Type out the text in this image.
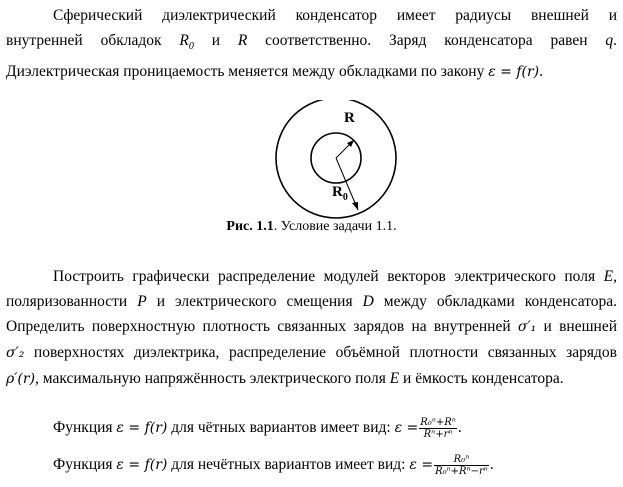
Сферический диэлектрический конденсатор имеет радиусы внешней и
внутренней обкладок $R_0$ и R соответственно. Заряд конденсатора равен q.
Диэлектрическая проницаемость меняется между обкладками по закону ε = f(r).
R
$R_0$
Рис. 1.1. Условие задачи 1.1.
Построить графически распределение модулей векторов электрического поля E,
поляризованности P и электрического смещения D между обкладками конденсатора.
Определить поверхностную плотность связанных зарядов на внутренней σ′₁ и внешней
σ′₂ поверхностях диэлектрика, распределение объёмной плотности связанных зарядов
ρ′(r), максимальную напряжённость электрического поля E и ёмкость конденсатора.
Функция ε = f(r) для чётных вариантов имеет вид: $\varepsilon = \frac{\text{R₀ⁿ+Rⁿ}}{\text{Rⁿ+rⁿ}}$ .
Функция ε = f(r) для нечётных вариантов имеет вид: $\varepsilon = \frac{\text{R₀ⁿ}}{\text{R₀ⁿ+Rⁿ−rⁿ}}$ .
